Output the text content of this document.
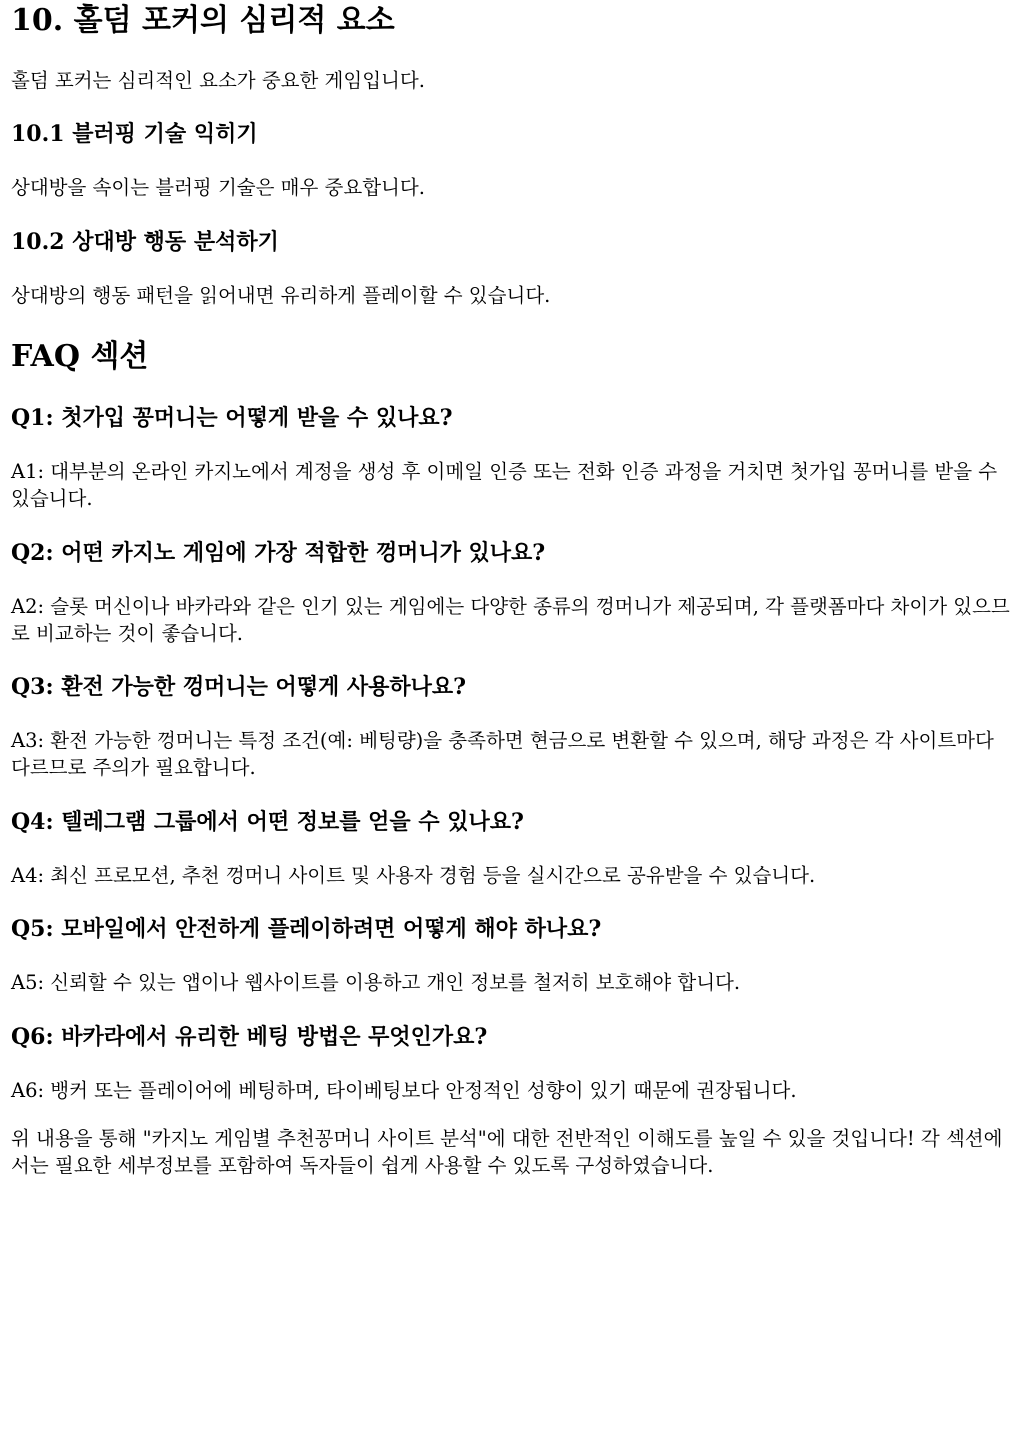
10. 홀덤 포커의 심리적 요소

홀덤 포커는 심리적인 요소가 중요한 게임입니다.

10.1 블러핑 기술 익히기

상대방을 속이는 블러핑 기술은 매우 중요합니다.

10.2 상대방 행동 분석하기

상대방의 행동 패턴을 읽어내면 유리하게 플레이할 수 있습니다.

FAQ 섹션
Q1: 첫가입 꽁머니는 어떻게 받을 수 있나요?

A1: 대부분의 온라인 카지노에서 계정을 생성 후 이메일 인증 또는 전화 인증 과정을 거치면 첫가입 꽁머니를 받을 수 있습니다.

Q2: 어떤 카지노 게임에 가장 적합한 껑머니가 있나요?

A2: 슬롯 머신이나 바카라와 같은 인기 있는 게임에는 다양한 종류의 껑머니가 제공되며, 각 플랫폼마다 차이가 있으므로 비교하는 것이 좋습니다.

Q3: 환전 가능한 껑머니는 어떻게 사용하나요?

A3: 환전 가능한 껑머니는 특정 조건(예: 베팅량)을 충족하면 현금으로 변환할 수 있으며, 해당 과정은 각 사이트마다 다르므로 주의가 필요합니다.

Q4: 텔레그램 그룹에서 어떤 정보를 얻을 수 있나요?

A4: 최신 프로모션, 추천 껑머니 사이트 및 사용자 경험 등을 실시간으로 공유받을 수 있습니다.

Q5: 모바일에서 안전하게 플레이하려면 어떻게 해야 하나요?

A5: 신뢰할 수 있는 앱이나 웹사이트를 이용하고 개인 정보를 철저히 보호해야 합니다.

Q6: 바카라에서 유리한 베팅 방법은 무엇인가요?

A6: 뱅커 또는 플레이어에 베팅하며, 타이베팅보다 안정적인 성향이 있기 때문에 권장됩니다.

위 내용을 통해 "카지노 게임별 추천꽁머니 사이트 분석"에 대한 전반적인 이해도를 높일 수 있을 것입니다! 각 섹션에서는 필요한 세부정보를 포함하여 독자들이 쉽게 사용할 수 있도록 구성하였습니다.
